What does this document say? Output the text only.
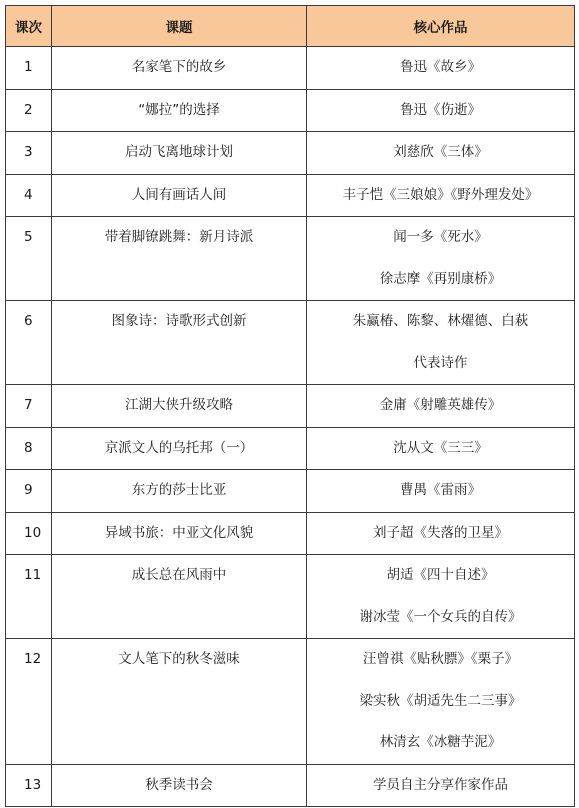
课次	课题	核心作品

1	名家笔下的故乡	鲁迅《故乡》

2	“娜拉”的选择	鲁迅《伤逝》

3	启动飞离地球计划	刘慈欣《三体》

4	人间有画话人间	丰子恺《三娘娘》《野外理发处》

5	带着脚镣跳舞：新月诗派	闻一多《死水》
徐志摩《再别康桥》

6	图象诗：诗歌形式创新	朱赢椿、陈黎、林燿德、白萩
代表诗作

7	江湖大侠升级攻略	金庸《射雕英雄传》

8	京派文人的乌托邦（一）	沈从文《三三》

9	东方的莎士比亚	曹禺《雷雨》

10	异域书旅：中亚文化风貌	刘子超《失落的卫星》

11	成长总在风雨中	胡适《四十自述》
谢冰莹《一个女兵的自传》

12	文人笔下的秋冬滋味	汪曾祺《贴秋膘》《栗子》
梁实秋《胡适先生二三事》
林清玄《冰糖芋泥》

13	秋季读书会	学员自主分享作家作品
